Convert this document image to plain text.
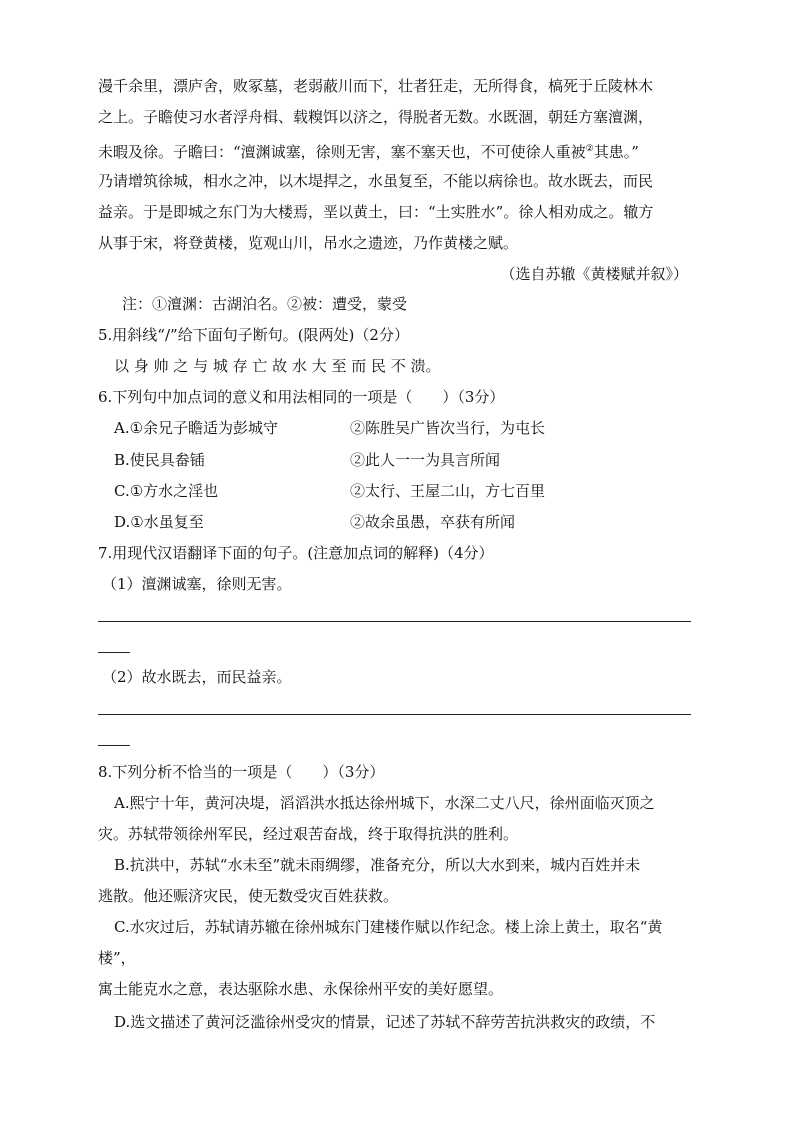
漫千余里，漂庐舍，败冢墓，老弱蔽川而下，壮者狂走，无所得食，槁死于丘陵林木
之上。子瞻使习水者浮舟楫、载糗饵以济之，得脱者无数。水既涸，朝廷方塞澶渊，
未暇及徐。子瞻曰：“澶渊诚塞，徐则无害，塞不塞天也，不可使徐人重被②其患。”
乃请增筑徐城，相水之冲，以木堤捍之，水虽复至，不能以病徐也。故水既去，而民
益亲。于是即城之东门为大楼焉，垩以黄土，曰：“土实胜水”。徐人相劝成之。辙方
从事于宋，将登黄楼，览观山川，吊水之遗迹，乃作黄楼之赋。
（选自苏辙《黄楼赋并叙》）
注：①澶渊：古湖泊名。②被：遭受，蒙受
5.用斜线“/”给下面句子断句。(限两处)（2分）
以 身 帅 之 与 城 存 亡 故 水 大 至 而 民 不 溃。
6.下列句中加点词的意义和用法相同的一项是（　　）（3分）
A.①余兄子瞻适为彭城守	②陈胜吴广皆次当行，为屯长
B.使民具畚锸	②此人一一为具言所闻
C.①方水之淫也	②太行、王屋二山，方七百里
D.①水虽复至	②故余虽愚，卒获有所闻
7.用现代汉语翻译下面的句子。(注意加点词的解释)（4分）
（1）澶渊诚塞，徐则无害。
（2）故水既去，而民益亲。
8.下列分析不恰当的一项是（　　）（3分）
A.熙宁十年，黄河决堤，滔滔洪水抵达徐州城下，水深二丈八尺，徐州面临灭顶之
灾。苏轼带领徐州军民，经过艰苦奋战，终于取得抗洪的胜利。
B.抗洪中，苏轼“水未至”就未雨绸缪，准备充分，所以大水到来，城内百姓并未
逃散。他还赈济灾民，使无数受灾百姓获救。
C.水灾过后，苏轼请苏辙在徐州城东门建楼作赋以作纪念。楼上涂上黄土，取名“黄
楼”，
寓土能克水之意，表达驱除水患、永保徐州平安的美好愿望。
D.选文描述了黄河泛滥徐州受灾的情景，记述了苏轼不辞劳苦抗洪救灾的政绩，不
